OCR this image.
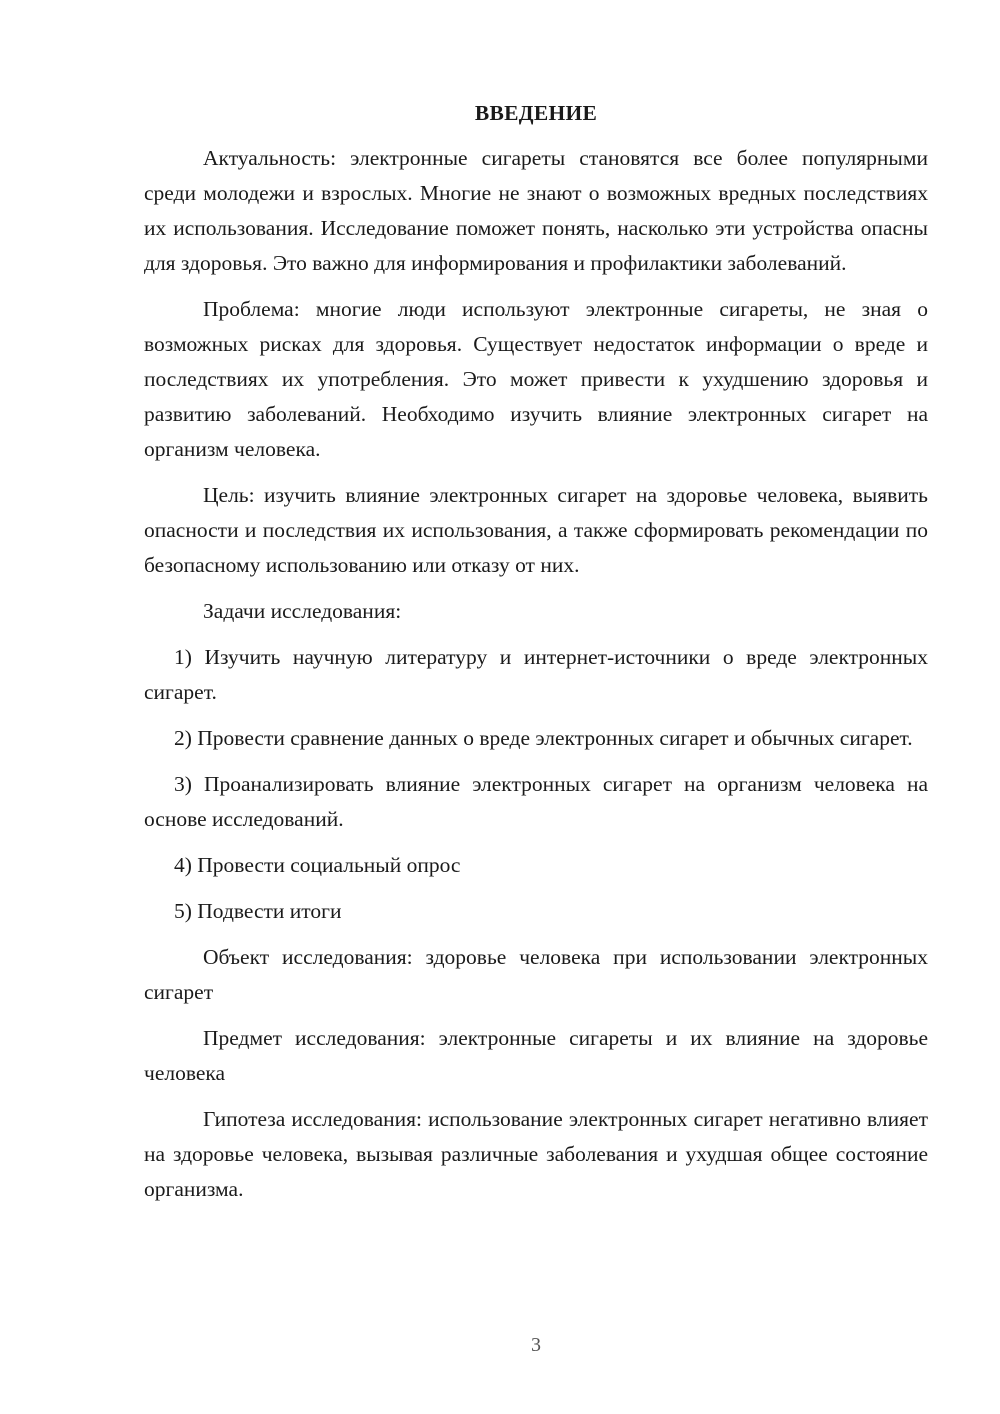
ВВЕДЕНИЕ

Актуальность: электронные сигареты становятся все более популярными среди молодежи и взрослых. Многие не знают о возможных вредных последствиях их использования. Исследование поможет понять, насколько эти устройства опасны для здоровья. Это важно для информирования и профилактики заболеваний.

Проблема: многие люди используют электронные сигареты, не зная о возможных рисках для здоровья. Существует недостаток информации о вреде и последствиях их употребления. Это может привести к ухудшению здоровья и развитию заболеваний. Необходимо изучить влияние электронных сигарет на организм человека.

Цель: изучить влияние электронных сигарет на здоровье человека, выявить опасности и последствия их использования, а также сформировать рекомендации по безопасному использованию или отказу от них.

Задачи исследования:

1) Изучить научную литературу и интернет-источники о вреде электронных сигарет.

2) Провести сравнение данных о вреде электронных сигарет и обычных сигарет.

3) Проанализировать влияние электронных сигарет на организм человека на основе исследований.

4) Провести социальный опрос

5) Подвести итоги

Объект исследования: здоровье человека при использовании электронных сигарет

Предмет исследования: электронные сигареты и их влияние на здоровье человека

Гипотеза исследования: использование электронных сигарет негативно влияет на здоровье человека, вызывая различные заболевания и ухудшая общее состояние организма.

3
